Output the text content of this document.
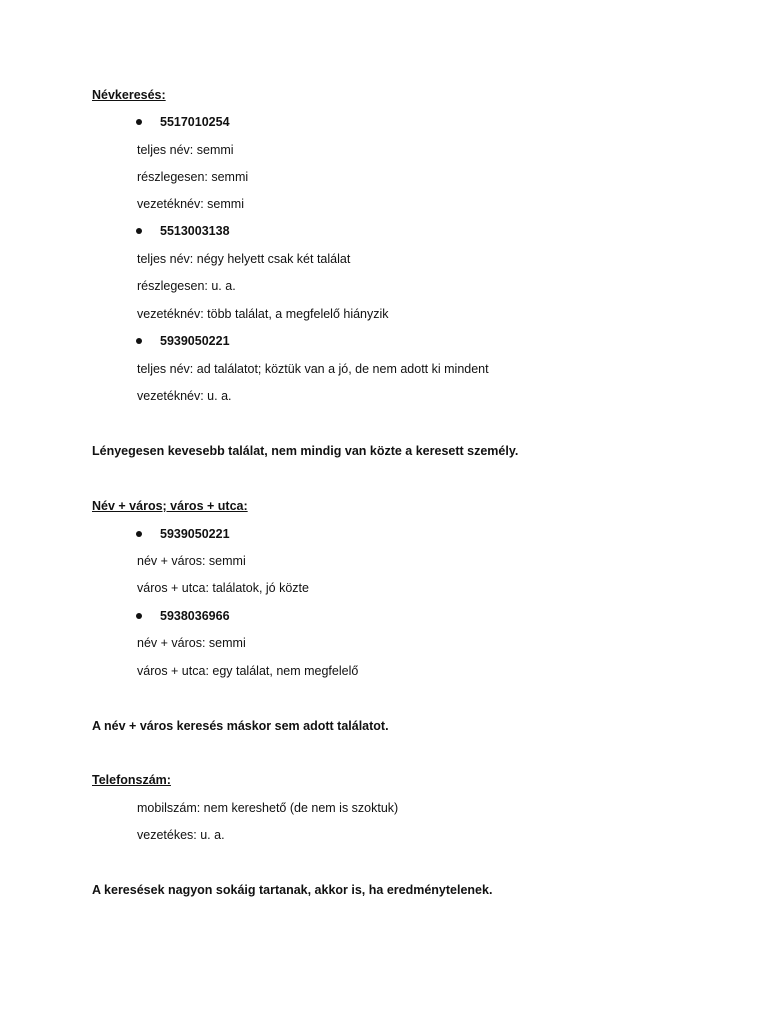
Névkeresés:
5517010254
teljes név: semmi
részlegesen: semmi
vezetéknév: semmi
5513003138
teljes név: négy helyett csak két találat
részlegesen: u. a.
vezetéknév: több találat, a megfelelő hiányzik
5939050221
teljes név: ad találatot; köztük van a jó, de nem adott ki mindent
vezetéknév: u. a.
Lényegesen kevesebb találat, nem mindig van közte a keresett személy.
Név + város; város + utca:
5939050221
név + város: semmi
város + utca: találatok, jó közte
5938036966
név + város: semmi
város + utca: egy találat, nem megfelelő
A név + város keresés máskor sem adott találatot.
Telefonszám:
mobilszám: nem kereshető (de nem is szoktuk)
vezetékes: u. a.
A keresések nagyon sokáig tartanak, akkor is, ha eredménytelenek.
